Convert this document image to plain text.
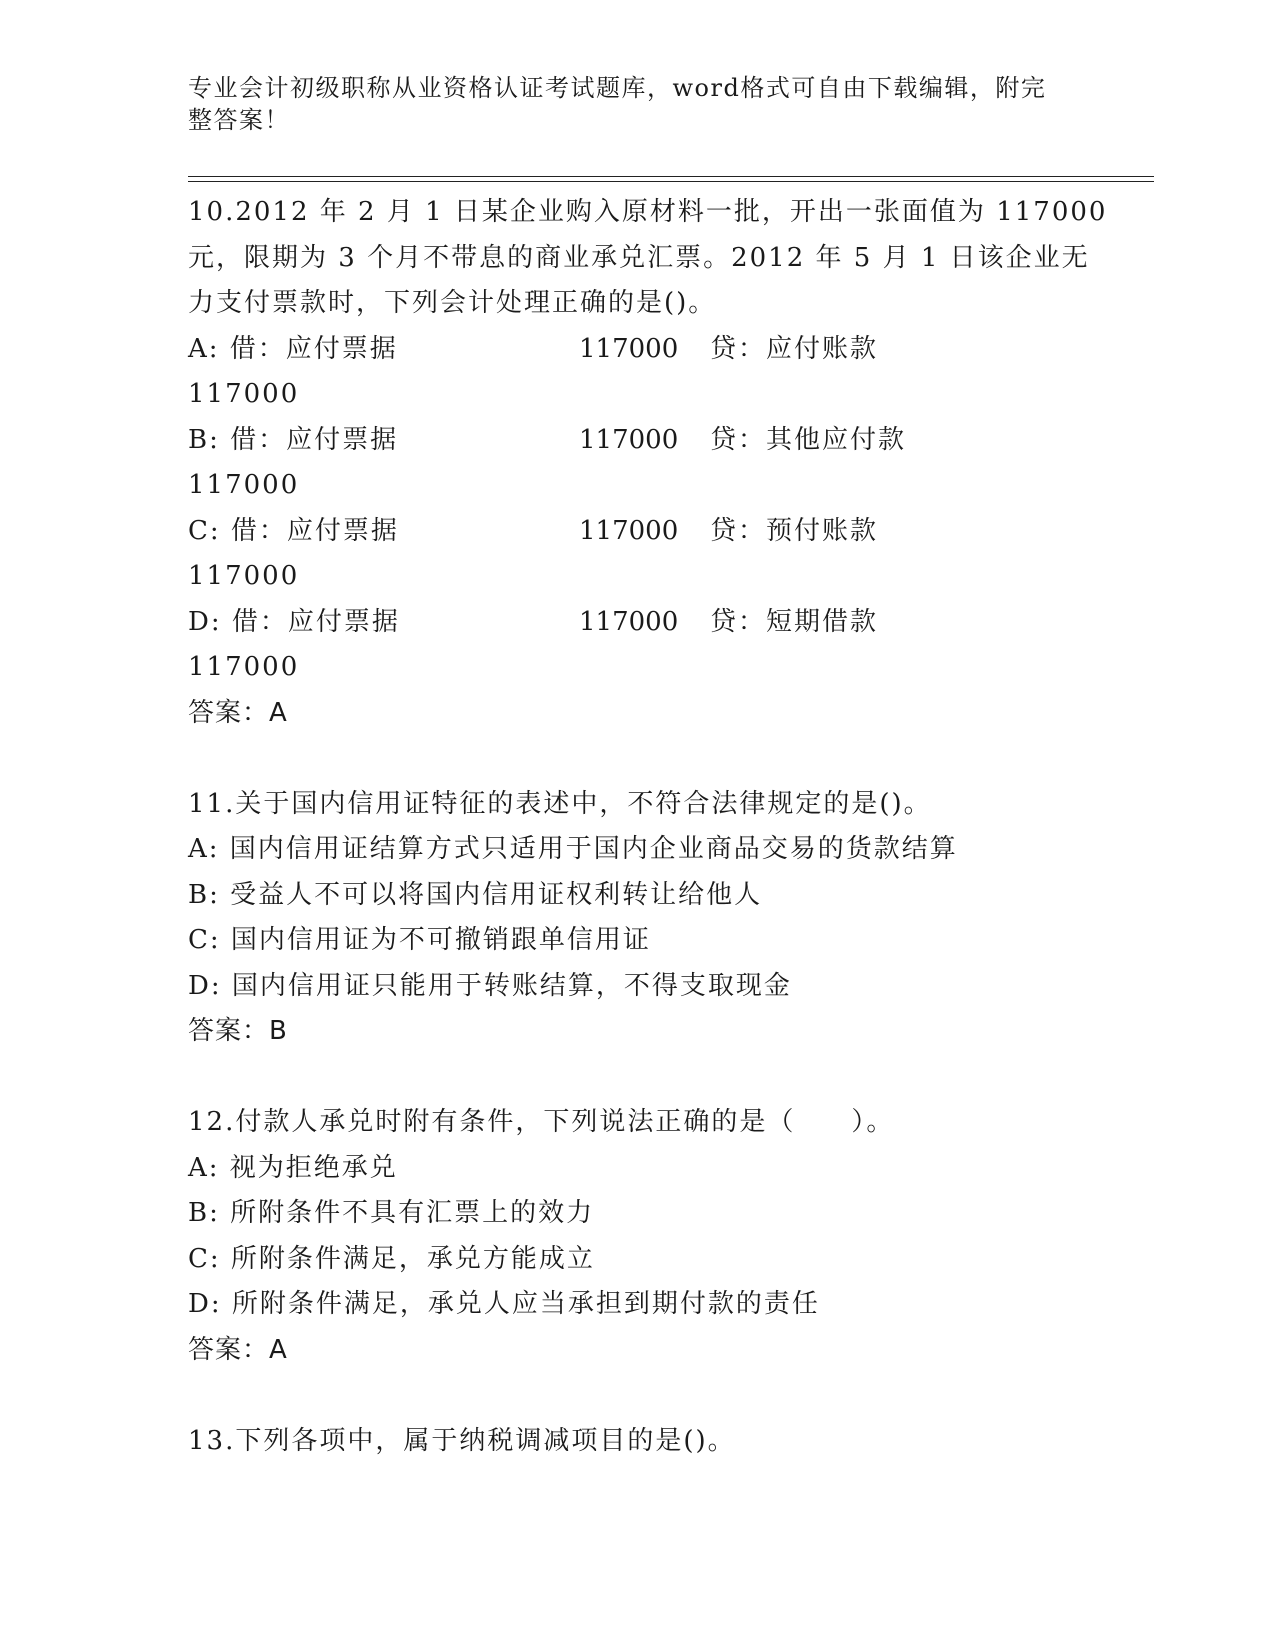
专业会计初级职称从业资格认证考试题库，word格式可自由下载编辑，附完整答案！
10.2012 年 2 月 1 日某企业购入原材料一批，开出一张面值为 117000
元，限期为 3 个月不带息的商业承兑汇票。2012 年 5 月 1 日该企业无
力支付票款时，下列会计处理正确的是()。
A: 借：应付票据	117000 贷：应付账款
117000
B: 借：应付票据	117000 贷：其他应付款
117000
C: 借：应付票据	117000 贷：预付账款
117000
D: 借：应付票据	117000 贷：短期借款
117000
答案：A
11.关于国内信用证特征的表述中，不符合法律规定的是()。
A: 国内信用证结算方式只适用于国内企业商品交易的货款结算
B: 受益人不可以将国内信用证权利转让给他人
C: 国内信用证为不可撤销跟单信用证
D: 国内信用证只能用于转账结算，不得支取现金
答案：B
12.付款人承兑时附有条件，下列说法正确的是（　　）。
A: 视为拒绝承兑
B: 所附条件不具有汇票上的效力
C: 所附条件满足，承兑方能成立
D: 所附条件满足，承兑人应当承担到期付款的责任
答案：A
13.下列各项中，属于纳税调减项目的是()。
